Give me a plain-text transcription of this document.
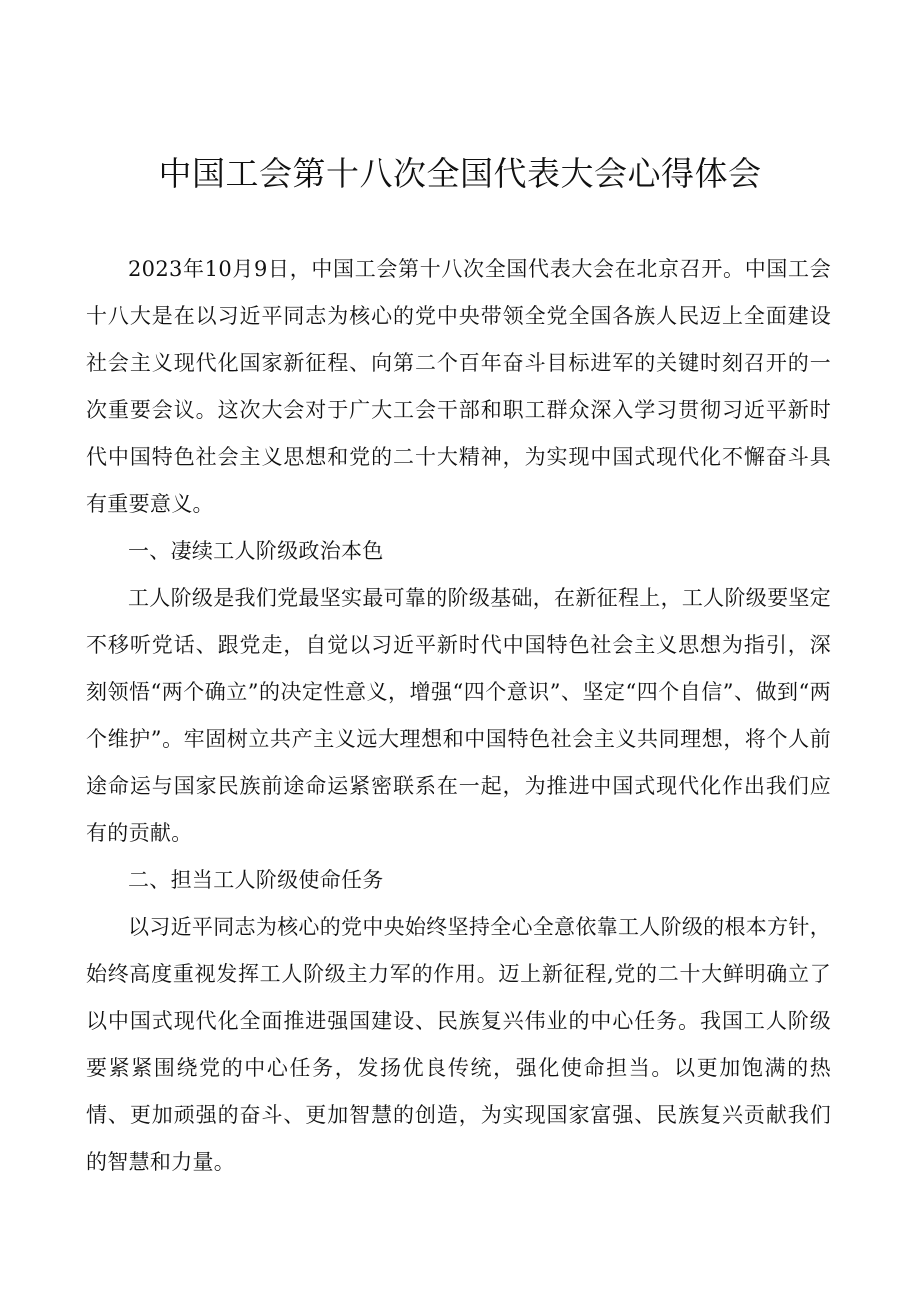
中国工会第十八次全国代表大会心得体会

2023年10月9日，中国工会第十八次全国代表大会在北京召开。中国工会十八大是在以习近平同志为核心的党中央带领全党全国各族人民迈上全面建设社会主义现代化国家新征程、向第二个百年奋斗目标进军的关键时刻召开的一次重要会议。这次大会对于广大工会干部和职工群众深入学习贯彻习近平新时代中国特色社会主义思想和党的二十大精神，为实现中国式现代化不懈奋斗具有重要意义。

一、凄续工人阶级政治本色

工人阶级是我们党最坚实最可靠的阶级基础，在新征程上，工人阶级要坚定不移听党话、跟党走，自觉以习近平新时代中国特色社会主义思想为指引，深刻领悟“两个确立”的决定性意义，增强“四个意识”、坚定“四个自信”、做到“两个维护”。牢固树立共产主义远大理想和中国特色社会主义共同理想，将个人前途命运与国家民族前途命运紧密联系在一起，为推进中国式现代化作出我们应有的贡献。

二、担当工人阶级使命任务

以习近平同志为核心的党中央始终坚持全心全意依靠工人阶级的根本方针，始终高度重视发挥工人阶级主力军的作用。迈上新征程,党的二十大鲜明确立了以中国式现代化全面推进强国建设、民族复兴伟业的中心任务。我国工人阶级要紧紧围绕党的中心任务，发扬优良传统，强化使命担当。以更加饱满的热情、更加顽强的奋斗、更加智慧的创造，为实现国家富强、民族复兴贡献我们的智慧和力量。
